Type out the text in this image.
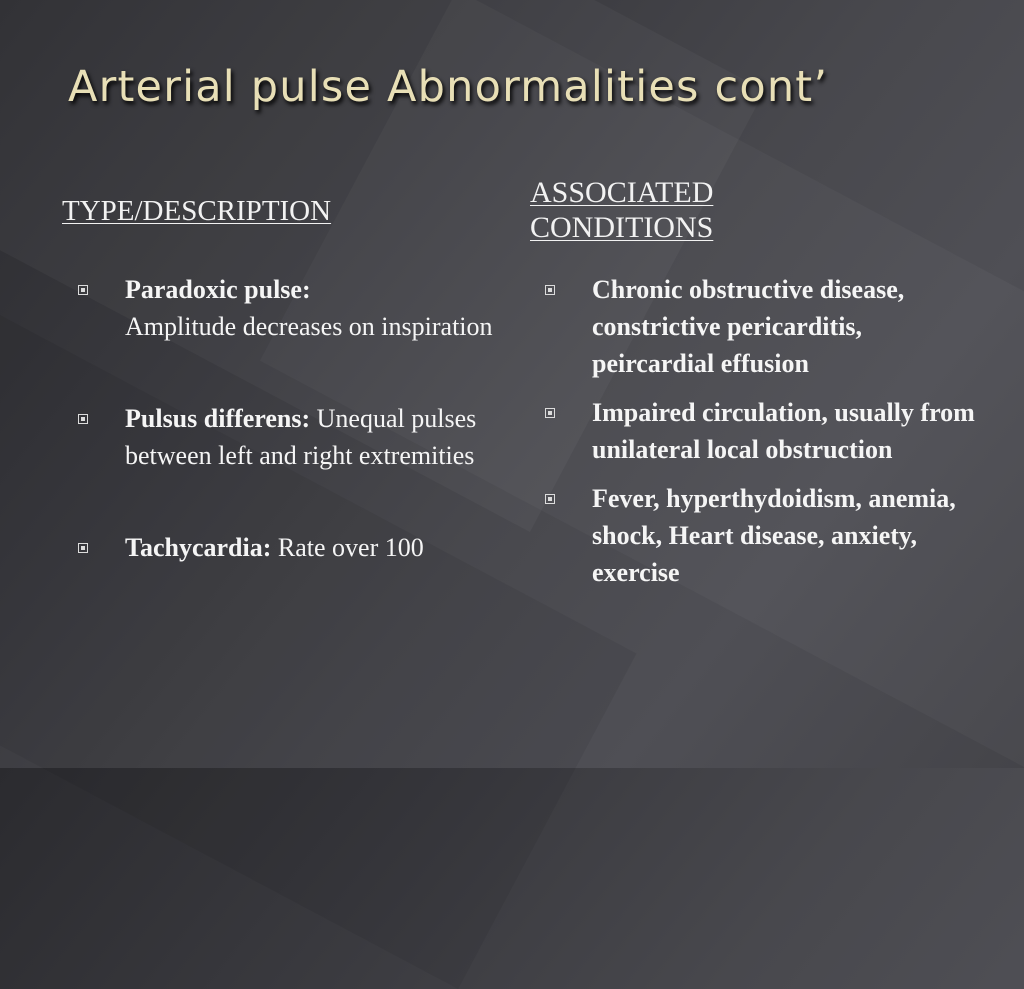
Arterial pulse Abnormalities cont’
TYPE/DESCRIPTION
ASSOCIATED
CONDITIONS
Paradoxic pulse:
Amplitude decreases on inspiration
Pulsus differens: Unequal pulses between left and right extremities
Tachycardia: Rate over 100
Chronic obstructive disease, constrictive pericarditis, peircardial effusion
Impaired circulation, usually from unilateral local obstruction
Fever, hyperthydoidism, anemia, shock, Heart disease, anxiety, exercise
